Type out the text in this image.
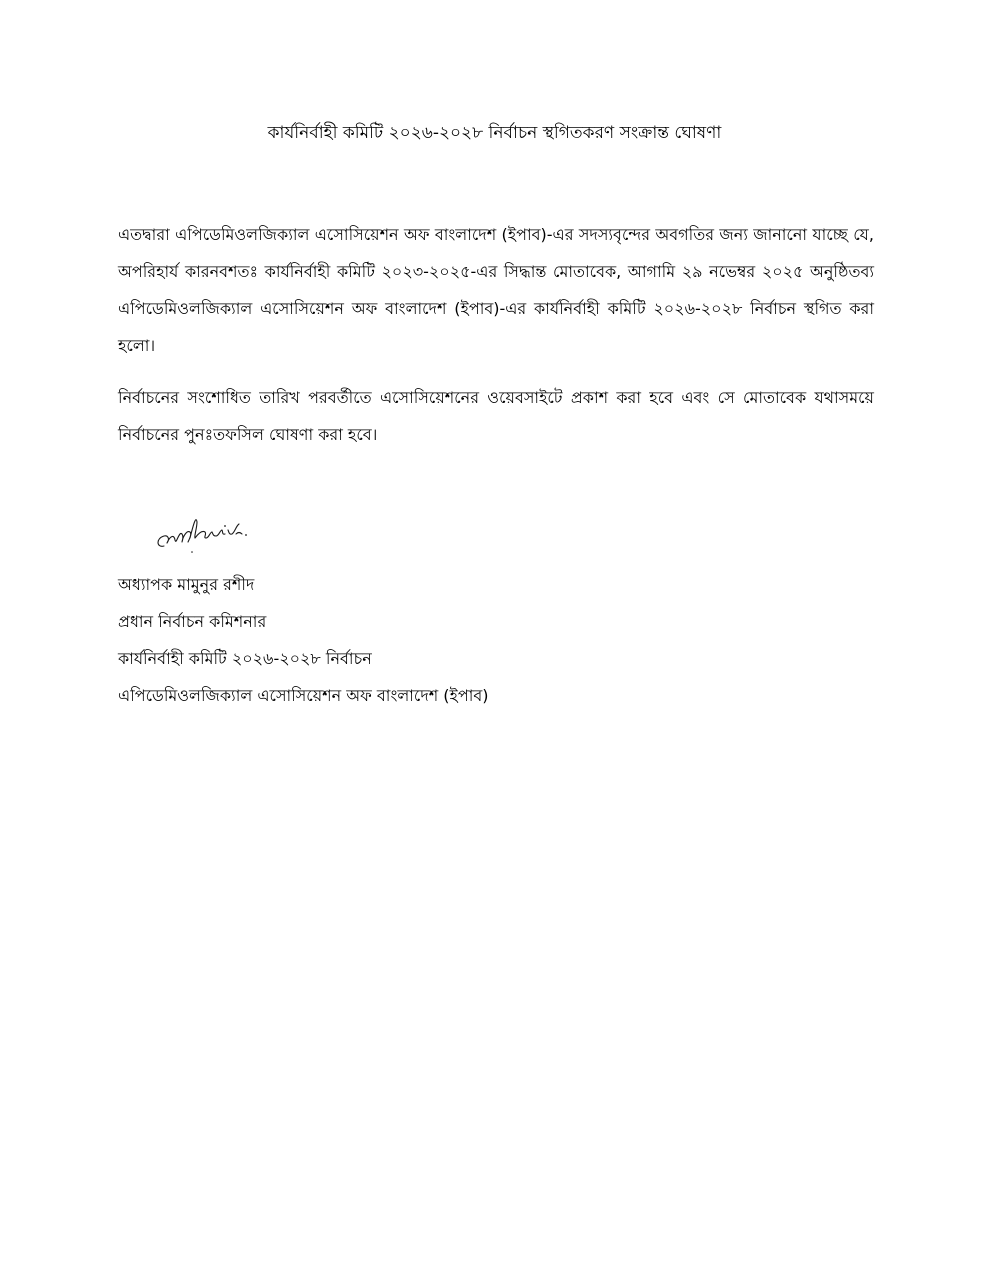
কার্যনির্বাহী কমিটি ২০২৬-২০২৮ নির্বাচন স্থগিতকরণ সংক্রান্ত ঘোষণা

এতদ্বারা এপিডেমিওলজিক্যাল এসোসিয়েশন অফ বাংলাদেশ (ইপাব)-এর সদস্যবৃন্দের অবগতির জন্য জানানো যাচ্ছে যে, অপরিহার্য কারনবশতঃ কার্যনির্বাহী কমিটি ২০২৩-২০২৫-এর সিদ্ধান্ত মোতাবেক, আগামি ২৯ নভেম্বর ২০২৫ অনুষ্ঠিতব্য এপিডেমিওলজিক্যাল এসোসিয়েশন অফ বাংলাদেশ (ইপাব)-এর কার্যনির্বাহী কমিটি ২০২৬-২০২৮ নির্বাচন স্থগিত করা হলো।

নির্বাচনের সংশোধিত তারিখ পরবর্তীতে এসোসিয়েশনের ওয়েবসাইটে প্রকাশ করা হবে এবং সে মোতাবেক যথাসময়ে নির্বাচনের পুনঃতফসিল ঘোষণা করা হবে।

অধ্যাপক মামুনুর রশীদ
প্রধান নির্বাচন কমিশনার
কার্যনির্বাহী কমিটি ২০২৬-২০২৮ নির্বাচন
এপিডেমিওলজিক্যাল এসোসিয়েশন অফ বাংলাদেশ (ইপাব)
